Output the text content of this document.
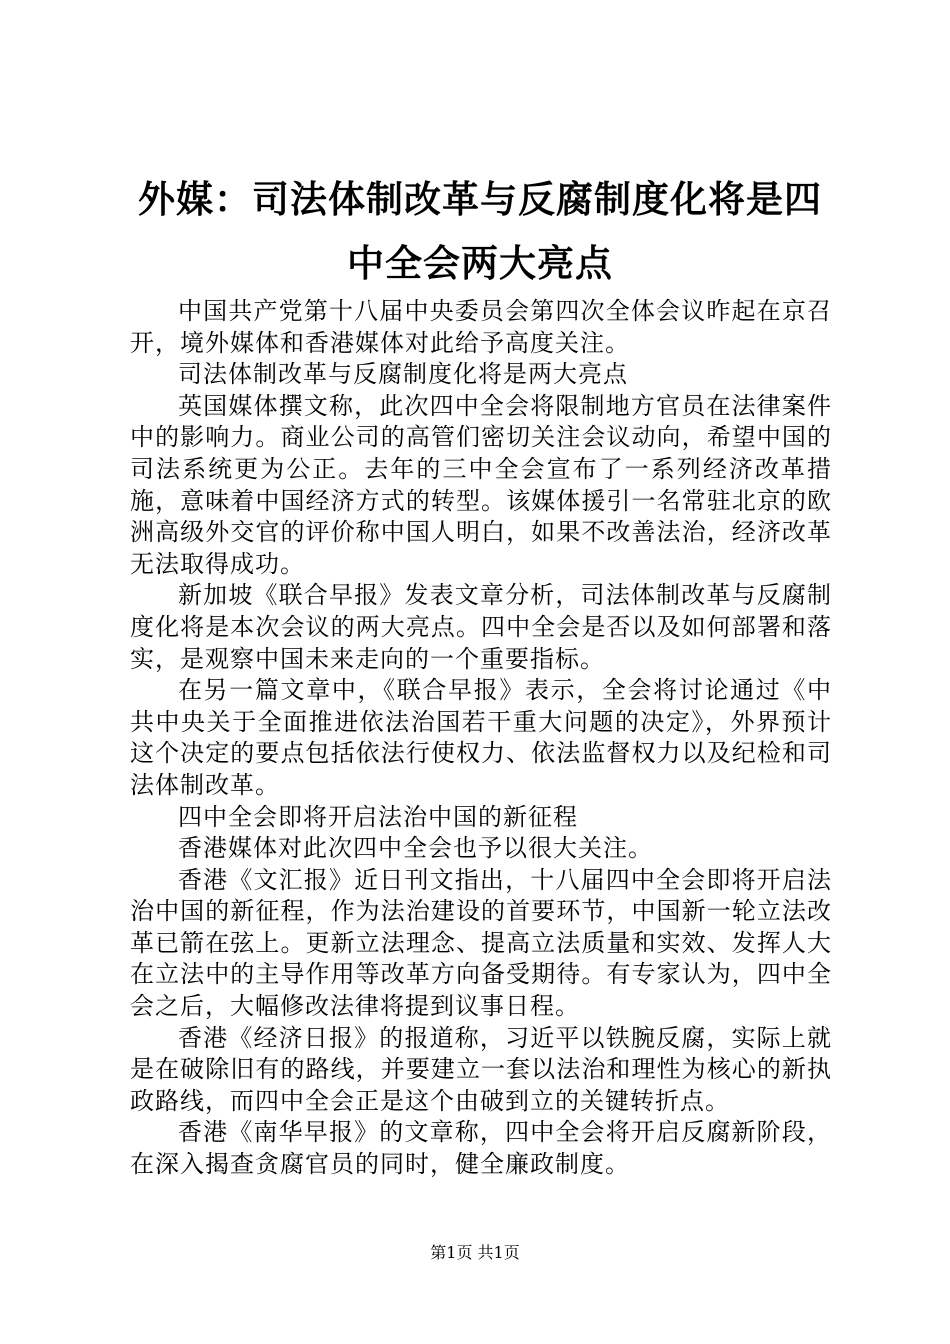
外媒：司法体制改革与反腐制度化将是四中全会两大亮点

中国共产党第十八届中央委员会第四次全体会议昨起在京召开，境外媒体和香港媒体对此给予高度关注。

司法体制改革与反腐制度化将是两大亮点

英国媒体撰文称，此次四中全会将限制地方官员在法律案件中的影响力。商业公司的高管们密切关注会议动向，希望中国的司法系统更为公正。去年的三中全会宣布了一系列经济改革措施，意味着中国经济方式的转型。该媒体援引一名常驻北京的欧洲高级外交官的评价称中国人明白，如果不改善法治，经济改革无法取得成功。

新加坡《联合早报》发表文章分析，司法体制改革与反腐制度化将是本次会议的两大亮点。四中全会是否以及如何部署和落实，是观察中国未来走向的一个重要指标。

在另一篇文章中，《联合早报》表示，全会将讨论通过《中共中央关于全面推进依法治国若干重大问题的决定》，外界预计这个决定的要点包括依法行使权力、依法监督权力以及纪检和司法体制改革。

四中全会即将开启法治中国的新征程

香港媒体对此次四中全会也予以很大关注。

香港《文汇报》近日刊文指出，十八届四中全会即将开启法治中国的新征程，作为法治建设的首要环节，中国新一轮立法改革已箭在弦上。更新立法理念、提高立法质量和实效、发挥人大在立法中的主导作用等改革方向备受期待。有专家认为，四中全会之后，大幅修改法律将提到议事日程。

香港《经济日报》的报道称，习近平以铁腕反腐，实际上就是在破除旧有的路线，并要建立一套以法治和理性为核心的新执政路线，而四中全会正是这个由破到立的关键转折点。

香港《南华早报》的文章称，四中全会将开启反腐新阶段，在深入揭查贪腐官员的同时，健全廉政制度。

第1页 共1页
